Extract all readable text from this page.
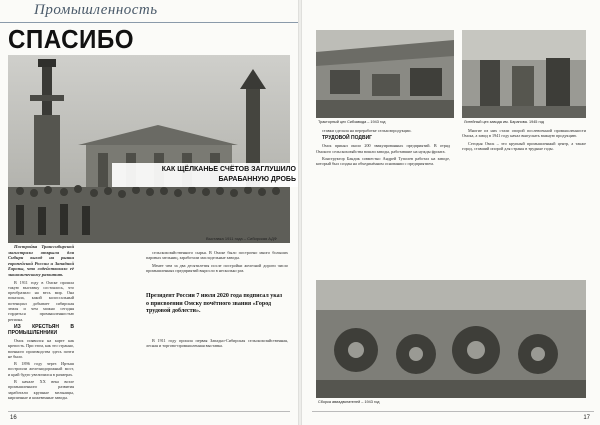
Промышленность
СПАСИБО
КАК ЩЁЛКАНЬЕ СЧЁТОВ ЗАГЛУШИЛО БАРАБАННУЮ ДРОБЬ
Выставка 1911 года – Сибирская АДФ

Постройка Транссибирской магистрали открыла для Сибири выход на рынки европейской России и Западной Европы, что содействовало её экономическому развитию.

В 1911 году в Омске прошла такую выставку состоялось, что преобразило на весь мир. Она показала, какой колоссальный потенциал добывает сибирская земля и чем можно сегодня гордиться промышленностью региона.

ИЗ КРЕСТЬЯН В ПРОМЫШЛЕННИКИ

Омск появился на карте как крепость. При этом, как это странно, военного производства здесь почти не было.

В 1896 году через Иртыш построили железнодорожный мост, и край будто увеличился в размерах.

В начале XX века возле промышленного развития заработали крупные мельницы, кирпичные и кожевенные заводы.

сельскохозяйственного сырья. В Омске было построено много больших паровых мельниц, заработали маслодельные заводы.

Менее чем за два десятилетия после постройки железной дороги число промышленных предприятий выросло в несколько раз.

Президент России 7 июля 2020 года подписал указ о присвоении Омску почётного звания «Город трудовой доблести».

В 1911 году прошла первая Западно-Сибирская сельскохозяйственная, лесная и торгово-промышленная выставка.

16
Тракторный цех Сибзавода – 1943 год	Литейный цех завода им. Баранова. 1945 год

ставки сделала на переработке сельхозпродукции.

ТРУДОВОЙ ПОДВИГ

Омск принял около 200 эвакуированных предприятий. В отряд Омского сельскохозяйства вошли заводы, работавшие на нужды фронта.

Конструктор Бандик совместно Андрей Туполев работал на заводе, который был создан на объединённом основании с предприятием.

Многие из них стали опорой послевоенной промышленности Омска, а завод в 1941 году начал выпускать важную продукцию.

Сегодня Омск – это крупный промышленный центр, а также город, ставший опорой для страны в трудные годы.

Сборка авиадвигателей – 1943 год
17
